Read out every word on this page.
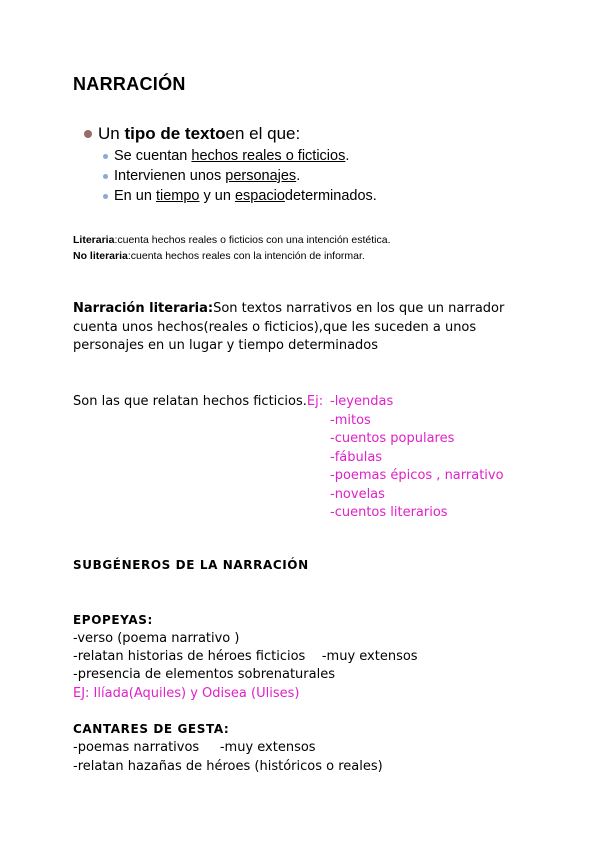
NARRACIÓN
Un
tipo de texto en el que:
Se cuentan
hechos reales o ficticios .
Intervienen unos
personajes .
En un
tiempo y un espacio determinados.
Literaria:cuenta hechos reales o ficticios con una intención estética.
No literaria:cuenta hechos reales con la intención de informar.
Narración literaria:Son textos narrativos en los que un narrador cuenta unos hechos(reales o ficticios),que les suceden a unos personajes en un lugar y tiempo determinados
Son las que relatan hechos ficticios.Ej: -leyendas
-mitos
-cuentos populares
-fábulas
-poemas épicos , narrativo
-novelas
-cuentos literarios
SUBGÉNEROS DE LA NARRACIÓN
EPOPEYAS:
-verso (poema narrativo )
-relatan historias de héroes ficticios    -muy extensos
-presencia de elementos sobrenaturales
EJ: Ilíada(Aquiles) y Odisea (Ulises)
CANTARES DE GESTA:
-poemas narrativos     -muy extensos
-relatan hazañas de héroes (históricos o reales)
